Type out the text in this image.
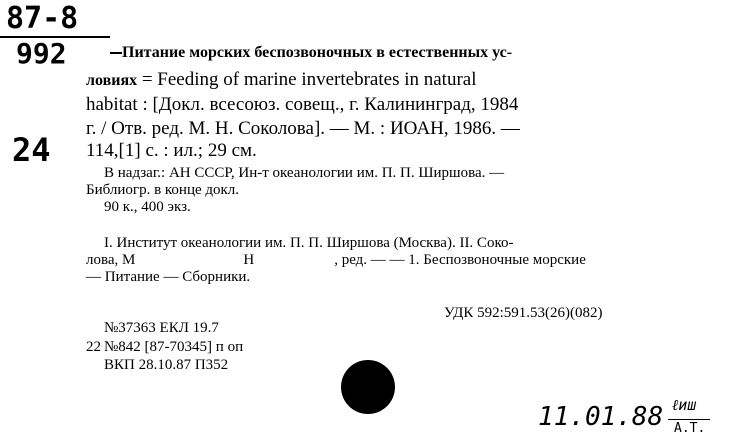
87-8
992
24
Питание морских беспозвоночных в естественных ус-
ловиях = Feeding of marine invertebrates in natural
habitat : [Докл. всесоюз. совещ., г. Калининград, 1984
г. / Отв. ред. М. Н. Соколова]. — М. : ИОАН, 1986. —
114,[1] с. : ил.; 29 см.
В надзаг.: АН СССР, Ин-т океанологии им. П. П. Ширшова. —
Библиогр. в конце докл.
90 к., 400 экз.
I. Институт океанологии им. П. П. Ширшова (Москва). II. Соко-
лова, М	Н	, ред. — — 1. Беспозвоночные морские
— Питание — Сборники.
УДК 592:591.53(26)(082)
№37363 ЕКЛ 19.7
22 №842 [87-70345] п оп
ВКП 28.10.87 П352
11.01.88 ℓиш
A.T.
